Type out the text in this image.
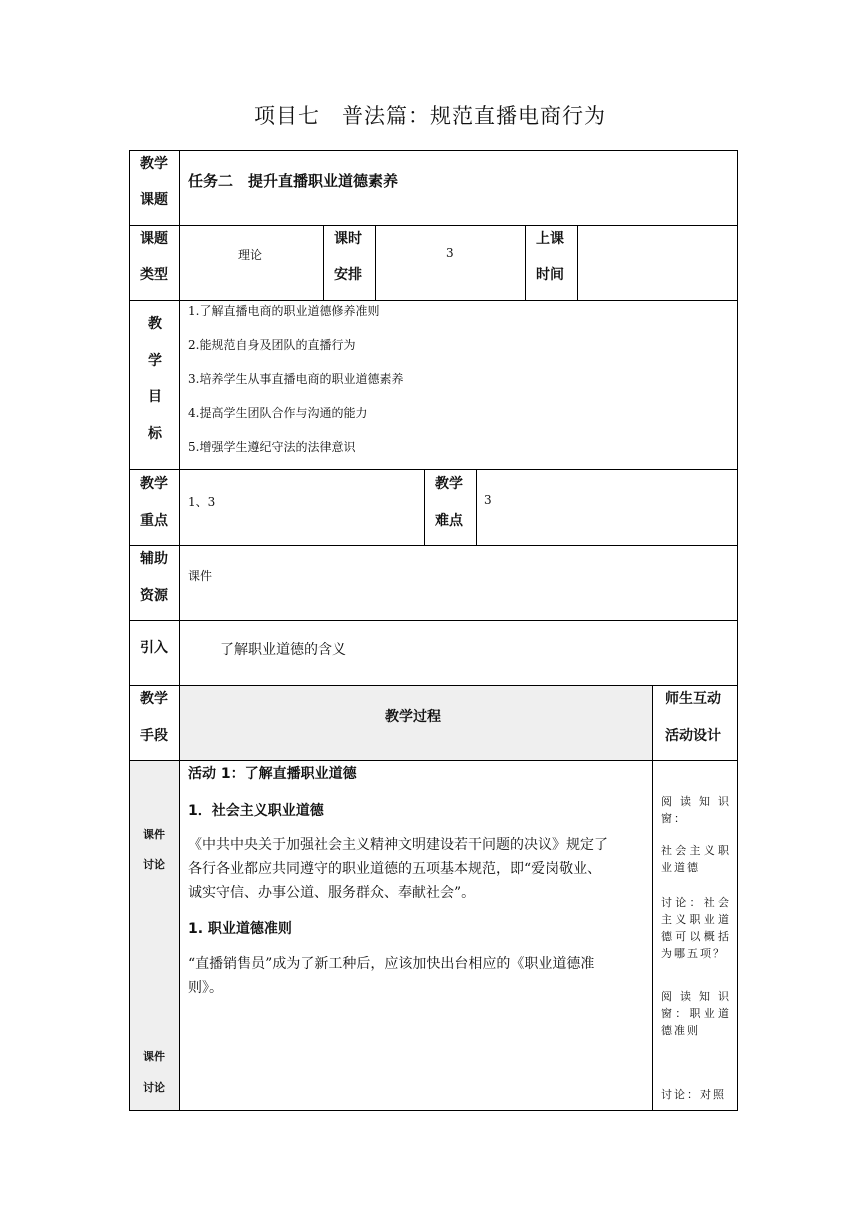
项目七　普法篇：规范直播电商行为
教学
课题
任务二　提升直播职业道德素养
课题
类型
理论
课时
安排
3
上课
时间
教
学
目
标
1.了解直播电商的职业道德修养准则
2.能规范自身及团队的直播行为
3.培养学生从事直播电商的职业道德素养
4.提高学生团队合作与沟通的能力
5.增强学生遵纪守法的法律意识
教学
重点
1、3
教学
难点
3
辅助
资源
课件
引入	了解职业道德的含义
教学
手段
教学过程
师生互动
活动设计
课件
讨论
课件
讨论
活动 1：了解直播职业道德
1．社会主义职业道德
《中共中央关于加强社会主义精神文明建设若干问题的决议》规定了
各行各业都应共同遵守的职业道德的五项基本规范，即“爱岗敬业、
诚实守信、办事公道、服务群众、奉献社会”。
1. 职业道德准则
“直播销售员”成为了新工种后，应该加快出台相应的《职业道德准
则》。
阅读知识窗：
社会主义职业道德
讨论：社会主义职业道德可以概括为哪五项？
阅读知识窗：职业道德准则
讨论：对照
